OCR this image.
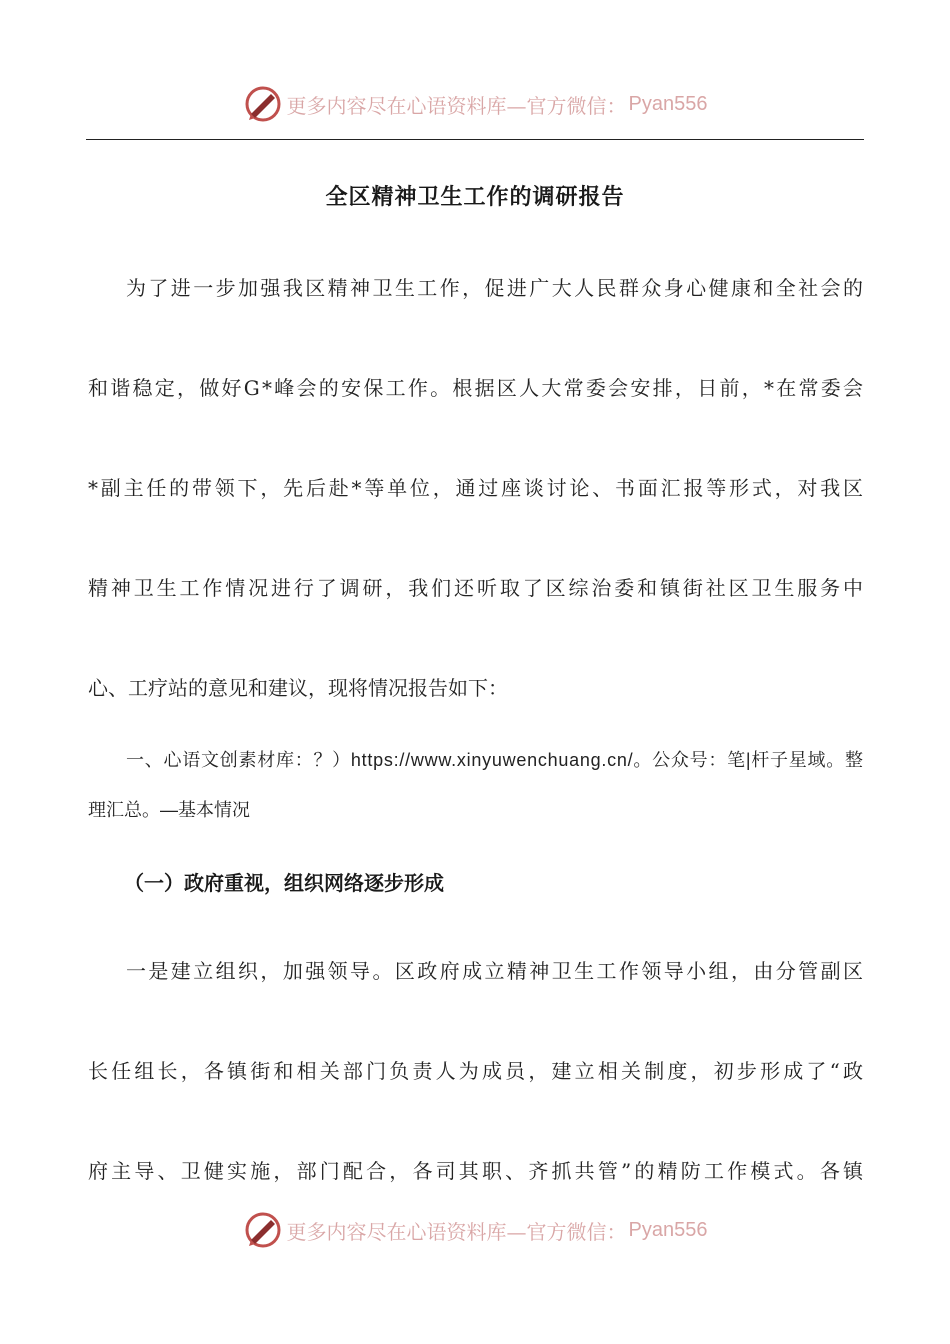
更多内容尽在心语资料库—官方微信： Pyan556
全区精神卫生工作的调研报告
为了进一步加强我区精神卫生工作，促进广大人民群众身心健康和全社会的
和谐稳定，做好G*峰会的安保工作。根据区人大常委会安排，日前，*在常委会
*副主任的带领下，先后赴*等单位，通过座谈讨论、书面汇报等形式，对我区
精神卫生工作情况进行了调研，我们还听取了区综治委和镇街社区卫生服务中
心、工疗站的意见和建议，现将情况报告如下：
一、心语文创素材库：？）https://www.xinyuwenchuang.cn/。公众号：笔|杆子星域。整
理汇总。—基本情况
（一）政府重视，组织网络逐步形成
一是建立组织，加强领导。区政府成立精神卫生工作领导小组，由分管副区
长任组长，各镇街和相关部门负责人为成员，建立相关制度，初步形成了“政
府主导、卫健实施，部门配合，各司其职、齐抓共管”的精防工作模式。各镇
更多内容尽在心语资料库—官方微信： Pyan556
